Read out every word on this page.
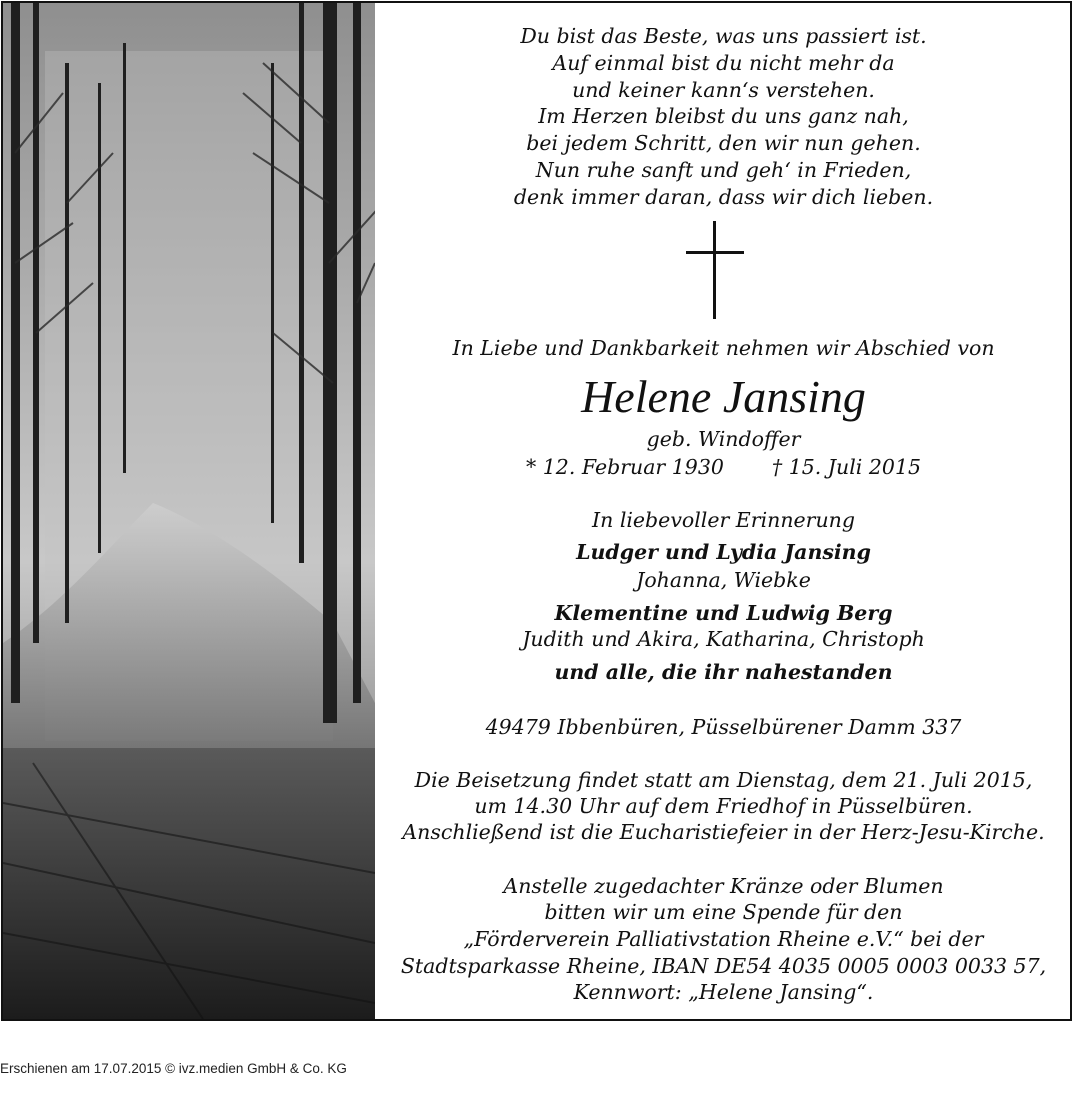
Du bist das Beste, was uns passiert ist.
Auf einmal bist du nicht mehr da
und keiner kann‘s verstehen.
Im Herzen bleibst du uns ganz nah,
bei jedem Schritt, den wir nun gehen.
Nun ruhe sanft und geh‘ in Frieden,
denk immer daran, dass wir dich lieben.
In Liebe und Dankbarkeit nehmen wir Abschied von
Helene Jansing
geb. Windoffer
* 12. Februar 1930 † 15. Juli 2015
In liebevoller Erinnerung
Ludger und Lydia Jansing
Johanna, Wiebke
Klementine und Ludwig Berg
Judith und Akira, Katharina, Christoph
und alle, die ihr nahestanden
49479 Ibbenbüren, Püsselbürener Damm 337
Die Beisetzung findet statt am Dienstag, dem 21. Juli 2015,
um 14.30 Uhr auf dem Friedhof in Püsselbüren.
Anschließend ist die Eucharistiefeier in der Herz-Jesu-Kirche.
Anstelle zugedachter Kränze oder Blumen
bitten wir um eine Spende für den
„Förderverein Palliativstation Rheine e.V.“ bei der
Stadtsparkasse Rheine, IBAN DE54 4035 0005 0003 0033 57,
Kennwort: „Helene Jansing“.
Erschienen am 17.07.2015 © ivz.medien GmbH & Co. KG
